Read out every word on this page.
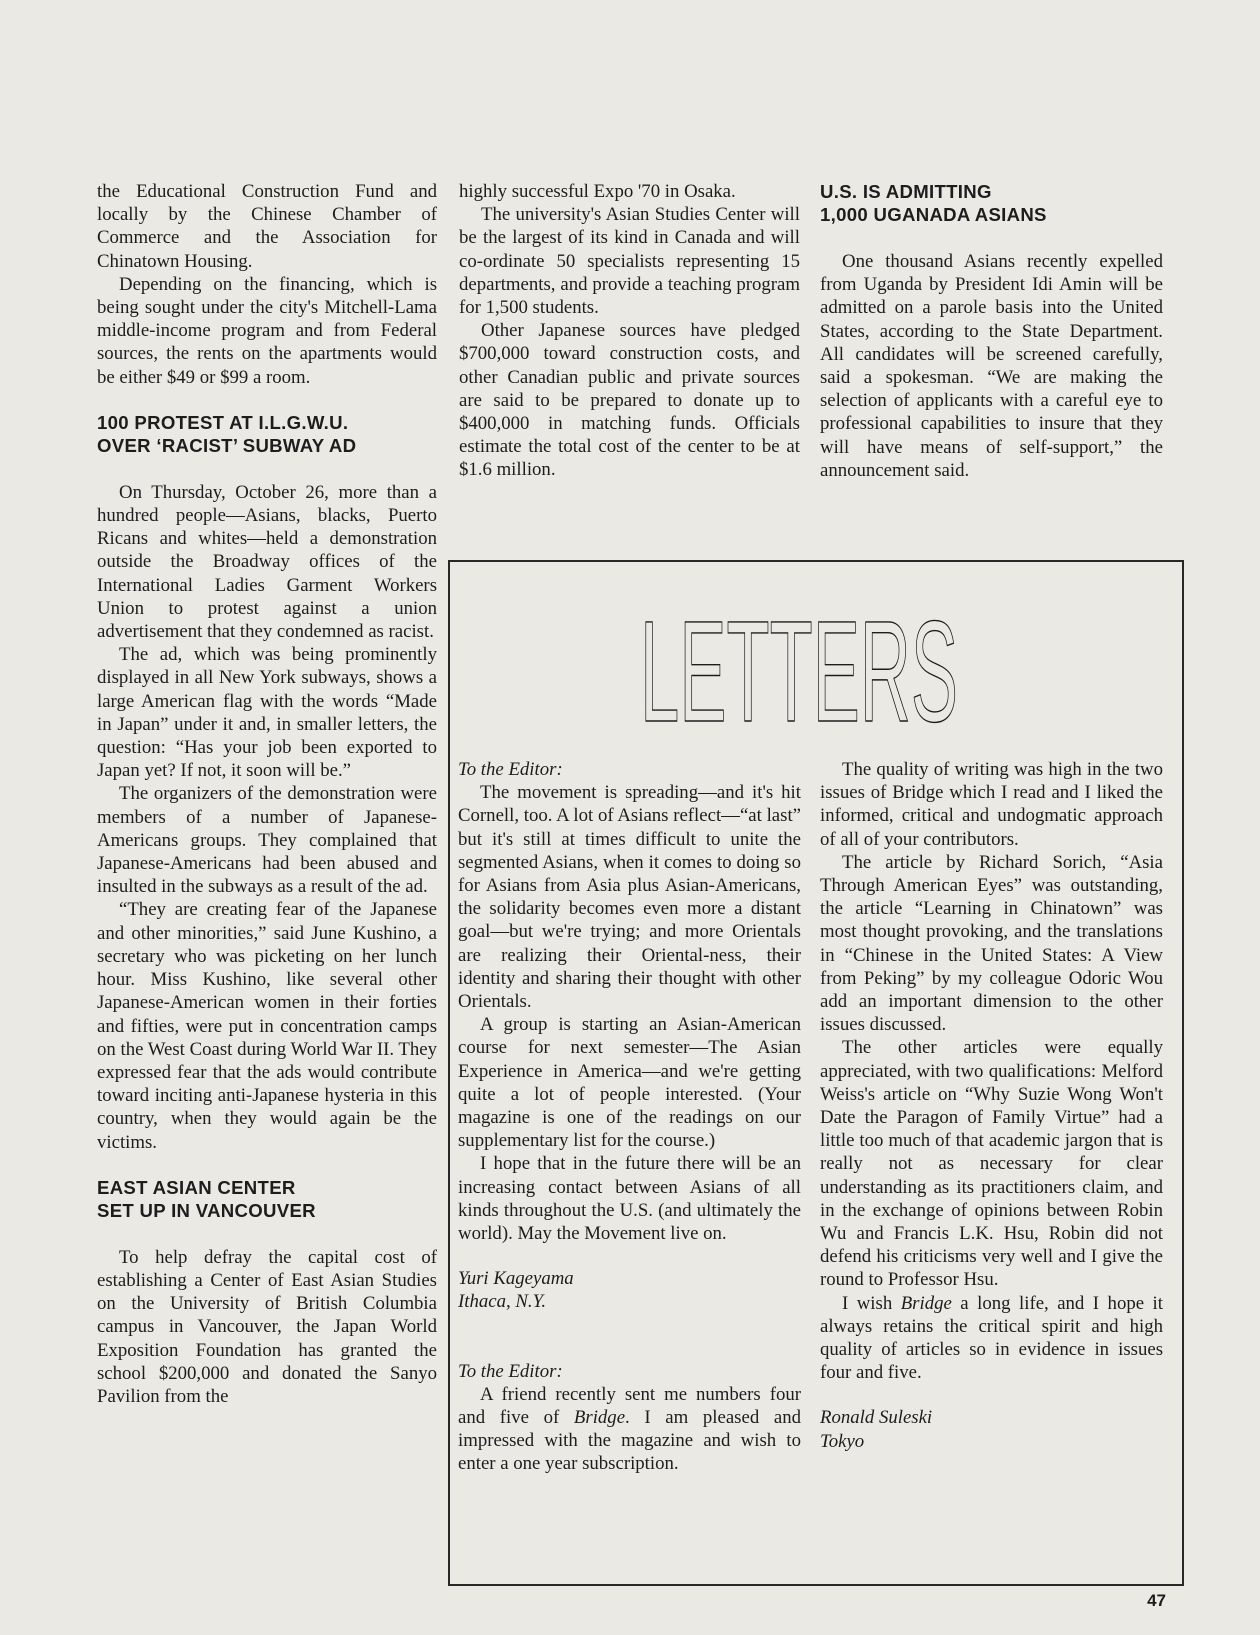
the Educational Construction Fund and locally by the Chinese Chamber of Commerce and the Association for Chinatown Housing.

Depending on the financing, which is being sought under the city's Mitchell-Lama middle-income program and from Federal sources, the rents on the apartments would be either $49 or $99 a room.

100 PROTEST AT I.L.G.W.U.
OVER ‘RACIST’ SUBWAY AD

On Thursday, October 26, more than a hundred people—Asians, blacks, Puerto Ricans and whites—held a demonstration outside the Broadway offices of the International Ladies Garment Workers Union to protest against a union advertisement that they condemned as racist.

The ad, which was being prominently displayed in all New York subways, shows a large American flag with the words “Made in Japan” under it and, in smaller letters, the question: “Has your job been exported to Japan yet? If not, it soon will be.”

The organizers of the demonstration were members of a number of Japanese-Americans groups. They complained that Japanese-Americans had been abused and insulted in the subways as a result of the ad.

“They are creating fear of the Japanese and other minorities,” said June Kushino, a secretary who was picketing on her lunch hour. Miss Kushino, like several other Japanese-American women in their forties and fifties, were put in concentration camps on the West Coast during World War II. They expressed fear that the ads would contribute toward inciting anti-Japanese hysteria in this country, when they would again be the victims.

EAST ASIAN CENTER
SET UP IN VANCOUVER

To help defray the capital cost of establishing a Center of East Asian Studies on the University of British Columbia campus in Vancouver, the Japan World Exposition Foundation has granted the school $200,000 and donated the Sanyo Pavilion from the

highly successful Expo '70 in Osaka.

The university's Asian Studies Center will be the largest of its kind in Canada and will co-ordinate 50 specialists representing 15 departments, and provide a teaching program for 1,500 students.

Other Japanese sources have pledged $700,000 toward construction costs, and other Canadian public and private sources are said to be prepared to donate up to $400,000 in matching funds. Officials estimate the total cost of the center to be at $1.6 million.

U.S. IS ADMITTING
1,000 UGANADA ASIANS

One thousand Asians recently expelled from Uganda by President Idi Amin will be admitted on a parole basis into the United States, according to the State Department. All candidates will be screened carefully, said a spokesman. “We are making the selection of applicants with a careful eye to professional capabilities to insure that they will have means of self-support,” the announcement said.

LETTERS

To the Editor:

The movement is spreading—and it's hit Cornell, too. A lot of Asians reflect—“at last” but it's still at times difficult to unite the segmented Asians, when it comes to doing so for Asians from Asia plus Asian-Americans, the solidarity becomes even more a distant goal—but we're trying; and more Orientals are realizing their Oriental-ness, their identity and sharing their thought with other Orientals.

A group is starting an Asian-American course for next semester—The Asian Experience in America—and we're getting quite a lot of people interested. (Your magazine is one of the readings on our supplementary list for the course.)

I hope that in the future there will be an increasing contact between Asians of all kinds throughout the U.S. (and ultimately the world). May the Movement live on.

Yuri Kageyama

Ithaca, N.Y.

To the Editor:

A friend recently sent me numbers four and five of Bridge. I am pleased and impressed with the magazine and wish to enter a one year subscription.

The quality of writing was high in the two issues of Bridge which I read and I liked the informed, critical and undogmatic approach of all of your contributors.

The article by Richard Sorich, “Asia Through American Eyes” was outstanding, the article “Learning in Chinatown” was most thought provoking, and the translations in “Chinese in the United States: A View from Peking” by my colleague Odoric Wou add an important dimension to the other issues discussed.

The other articles were equally appreciated, with two qualifications: Melford Weiss's article on “Why Suzie Wong Won't Date the Paragon of Family Virtue” had a little too much of that academic jargon that is really not as necessary for clear understanding as its practitioners claim, and in the exchange of opinions between Robin Wu and Francis L.K. Hsu, Robin did not defend his criticisms very well and I give the round to Professor Hsu.

I wish Bridge a long life, and I hope it always retains the critical spirit and high quality of articles so in evidence in issues four and five.

Ronald Suleski

Tokyo

47
